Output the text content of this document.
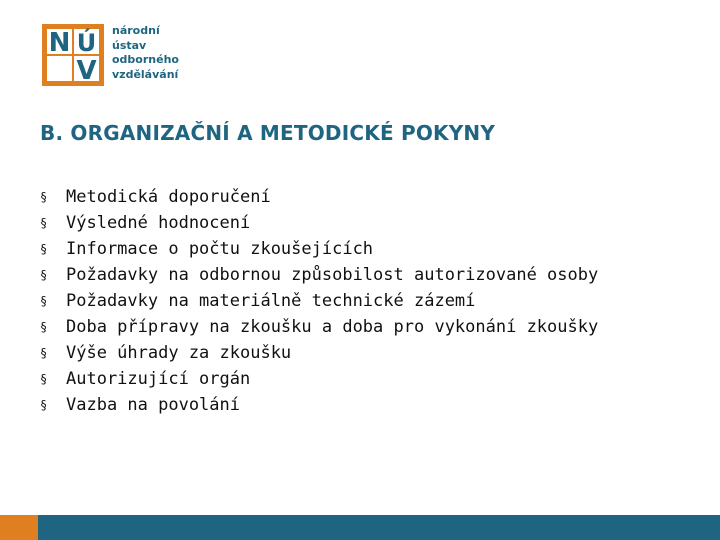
N Ú
V
národní
ústav
odborného
vzdělávání
B. ORGANIZAČNÍ A METODICKÉ POKYNY
§ Metodická doporučení
§ Výsledné hodnocení
§ Informace o počtu zkoušejících
§ Požadavky na odbornou způsobilost autorizované osoby
§ Požadavky na materiálně technické zázemí
§ Doba přípravy na zkoušku a doba pro vykonání zkoušky
§ Výše úhrady za zkoušku
§ Autorizující orgán
§ Vazba na povolání
